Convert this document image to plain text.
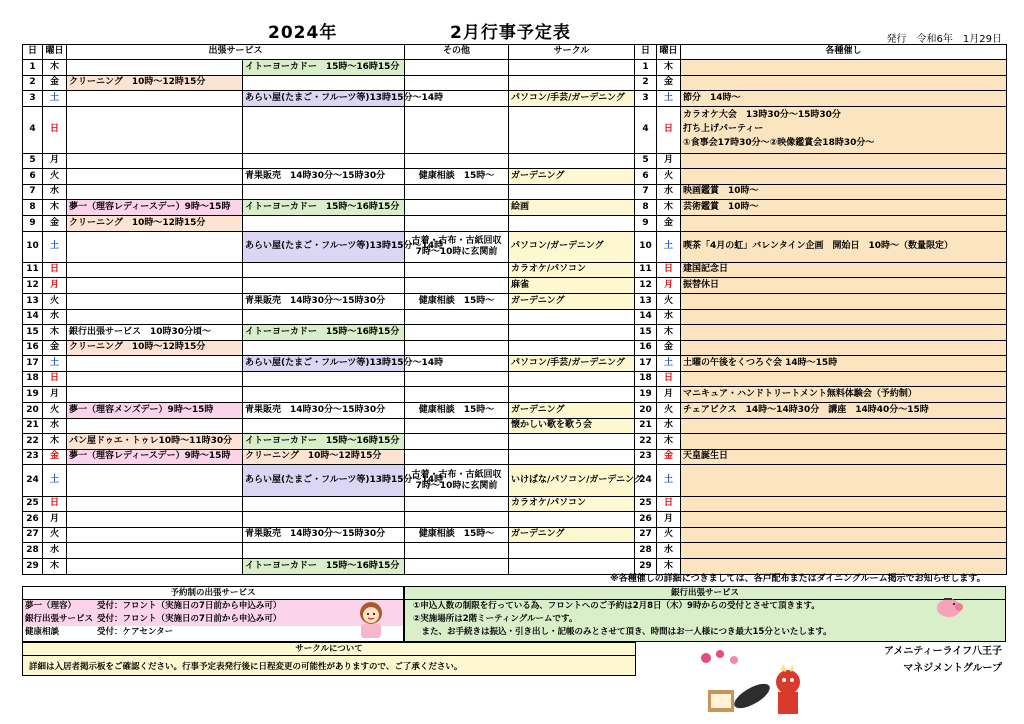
2024年	2月行事予定表	発行　令和6年　1月29日
日	曜日	出張サービス		その他	サークル	日	曜日	各種催し
1	木		イトーヨーカドー　15時～16時15分			1	木	
2	金	クリーニング　10時～12時15分				2	金	
3	土		あらい屋(たまご・フルーツ等)13時15分～14時		パソコン/手芸/ガーデニング	3	土	節分　14時～
4	日					4	日	カラオケ大会　13時30分～15時30分
打ち上げパーティー
①食事会17時30分～②映像鑑賞会18時30分～

5	月					5	月	
6	火		青果販売　14時30分～15時30分	健康相談　15時～	ガーデニング	6	火	
7	水					7	水	映画鑑賞　10時～
8	木	夢一（理容レディースデー）9時～15時	イトーヨーカドー　15時～16時15分		絵画	8	木	芸術鑑賞　10時～
9	金	クリーニング　10時～12時15分				9	金	
10	土		あらい屋(たまご・フルーツ等)13時15分～14時	古着・古布・古紙回収
7時～10時に玄関前	パソコン/ガーデニング	10	土	喫茶「4月の虹」バレンタイン企画　開始日　10時～（数量限定）
11	日				カラオケ/パソコン	11	日	建国記念日
12	月				麻雀	12	月	振替休日
13	火		青果販売　14時30分～15時30分	健康相談　15時～	ガーデニング	13	火	
14	水					14	水	
15	木	銀行出張サービス　10時30分頃～	イトーヨーカドー　15時～16時15分			15	木	
16	金	クリーニング　10時～12時15分				16	金	
17	土		あらい屋(たまご・フルーツ等)13時15分～14時		パソコン/手芸/ガーデニング	17	土	土曜の午後をくつろぐ会 14時～15時
18	日					18	日	
19	月					19	月	マニキュア・ハンドトリートメント無料体験会（予約制）
20	火	夢一（理容メンズデー）9時～15時	青果販売　14時30分～15時30分	健康相談　15時～	ガーデニング	20	火	チェアビクス　14時～14時30分　講座　14時40分～15時
21	水				懐かしい歌を歌う会	21	水	
22	木	パン屋ドゥエ・トゥレ10時～11時30分	イトーヨーカドー　15時～16時15分			22	木	
23	金	夢一（理容レディースデー）9時～15時	クリーニング　10時～12時15分			23	金	天皇誕生日
24	土		あらい屋(たまご・フルーツ等)13時15分～14時	古着・古布・古紙回収
7時～10時に玄関前	いけばな/パソコン/ガーデニング	24	土	
25	日				カラオケ/パソコン	25	日	
26	月					26	月	
27	火		青果販売　14時30分～15時30分	健康相談　15時～	ガーデニング	27	火	
28	水					28	水	
29	木		イトーヨーカドー　15時～16時15分			29	木	
※各種催しの詳細につきましては、各戸配布またはダイニングルーム掲示でお知らせします。
予約制の出張サービス
夢一（理容） 受付：フロント（実施日の7日前から申込み可）
銀行出張サービス 受付：フロント（実施日の7日前から申込み可）
健康相談	受付：ケアセンター
銀行出張サービス
①申込人数の制限を行っている為、フロントへのご予約は2月8日（木）9時からの受付とさせて頂きます。
②実施場所は2階ミーティングルームです。
　また、お手続きは振込・引き出し・記帳のみとさせて頂き、時間はお一人様につき最大15分といたします。
サークルについて
詳細は入居者掲示板をご確認ください。行事予定表発行後に日程変更の可能性がありますので、ご了承ください。
アメニティーライフ八王子
マネジメントグループ
